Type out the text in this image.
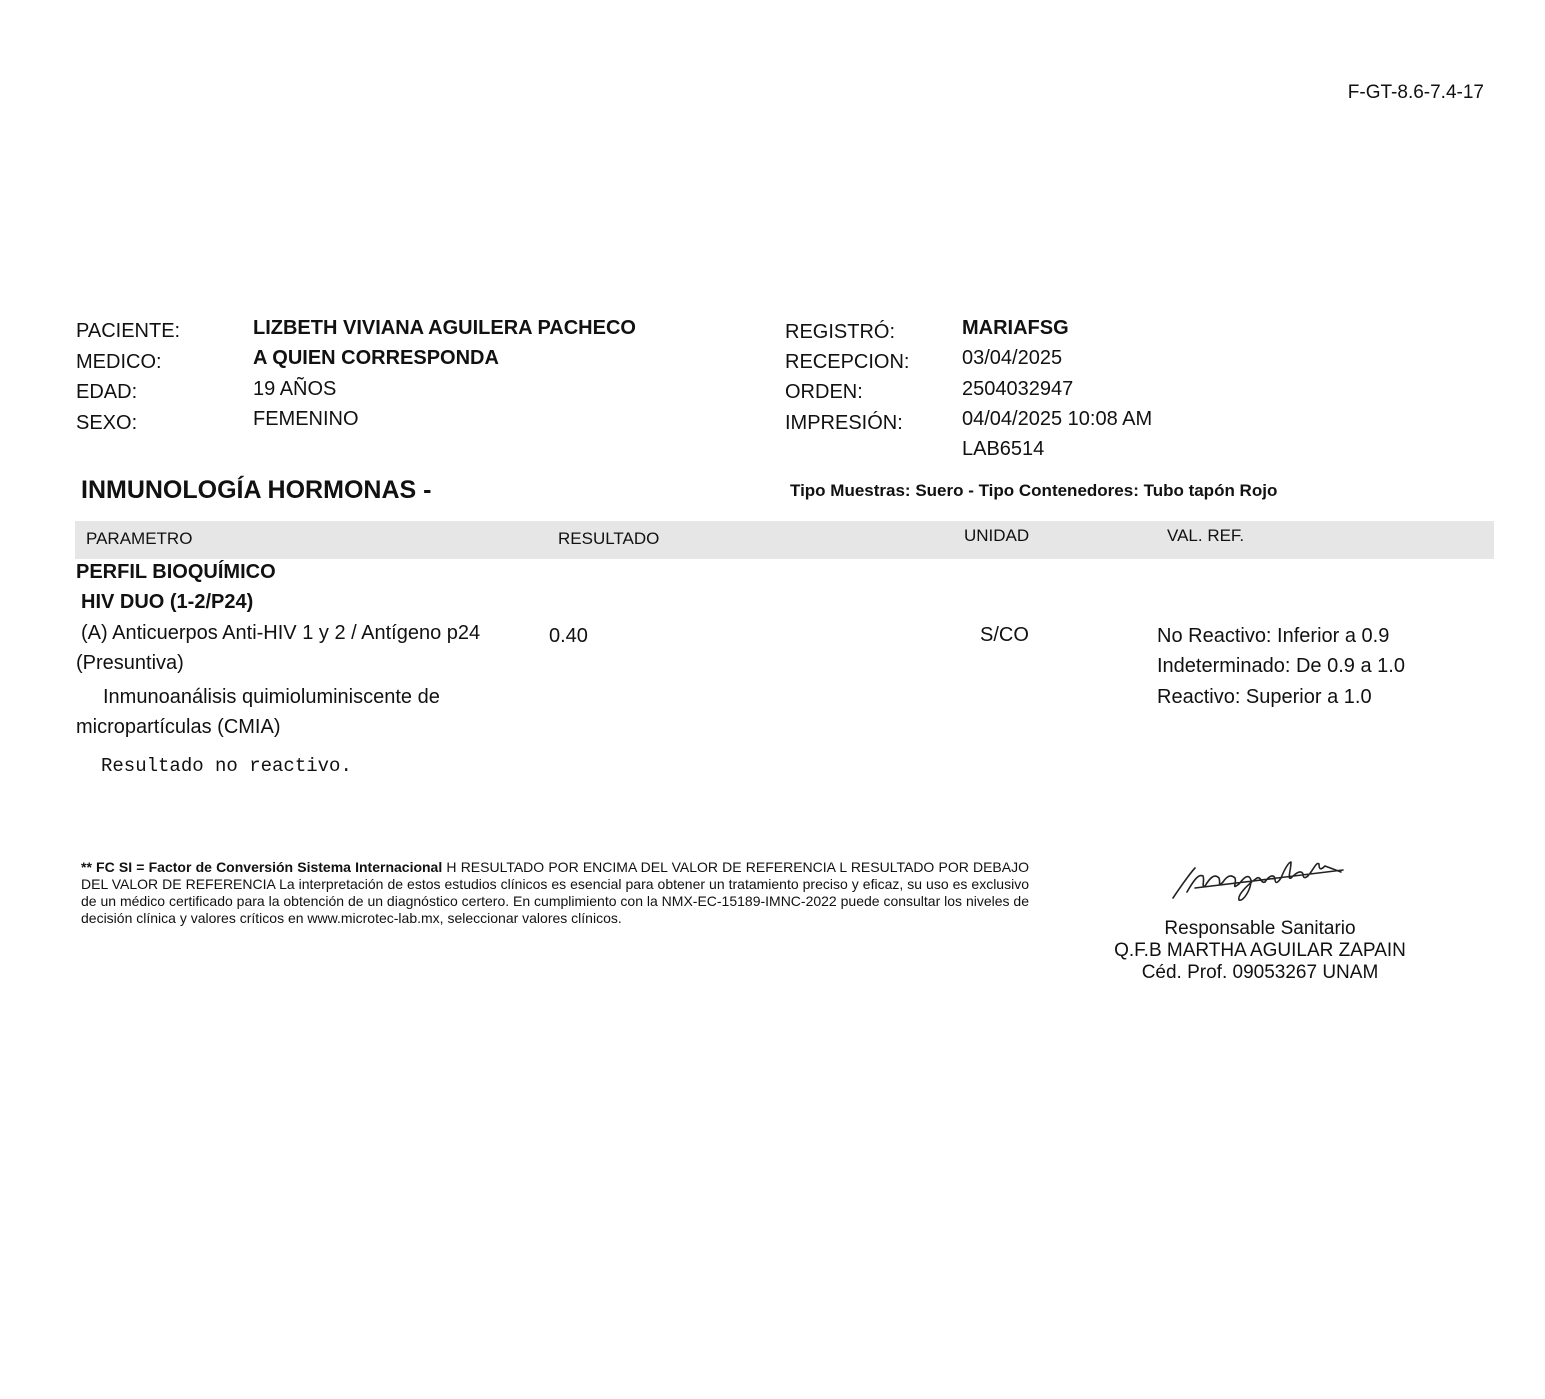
F-GT-8.6-7.4-17
PACIENTE:	LIZBETH VIVIANA AGUILERA PACHECO
MEDICO:	A QUIEN CORRESPONDA
EDAD:	19 AÑOS
SEXO:	FEMENINO
REGISTRÓ:	MARIAFSG
RECEPCION:	03/04/2025
ORDEN:	2504032947
IMPRESIÓN:	04/04/2025 10:08 AM
LAB6514
INMUNOLOGÍA HORMONAS -	Tipo Muestras: Suero - Tipo Contenedores: Tubo tapón Rojo
PARAMETRO	RESULTADO	UNIDAD	VAL. REF.
PERFIL BIOQUÍMICO
HIV DUO (1-2/P24)
(A) Anticuerpos Anti-HIV 1 y 2 / Antígeno p24
(Presuntiva)
Inmunoanálisis quimioluminiscente de
micropartículas (CMIA)
0.40	S/CO	No Reactivo: Inferior a 0.9
Indeterminado: De 0.9 a 1.0
Reactivo: Superior a 1.0
Resultado no reactivo.
** FC SI = Factor de Conversión Sistema Internacional H RESULTADO POR ENCIMA DEL VALOR DE REFERENCIA L RESULTADO POR DEBAJO DEL VALOR DE REFERENCIA La interpretación de estos estudios clínicos es esencial para obtener un tratamiento preciso y eficaz, su uso es exclusivo de un médico certificado para la obtención de un diagnóstico certero. En cumplimiento con la NMX-EC-15189-IMNC-2022 puede consultar los niveles de decisión clínica y valores críticos en www.microtec-lab.mx, seleccionar valores clínicos.	Responsable Sanitario
Q.F.B MARTHA AGUILAR ZAPAIN
Céd. Prof. 09053267 UNAM
